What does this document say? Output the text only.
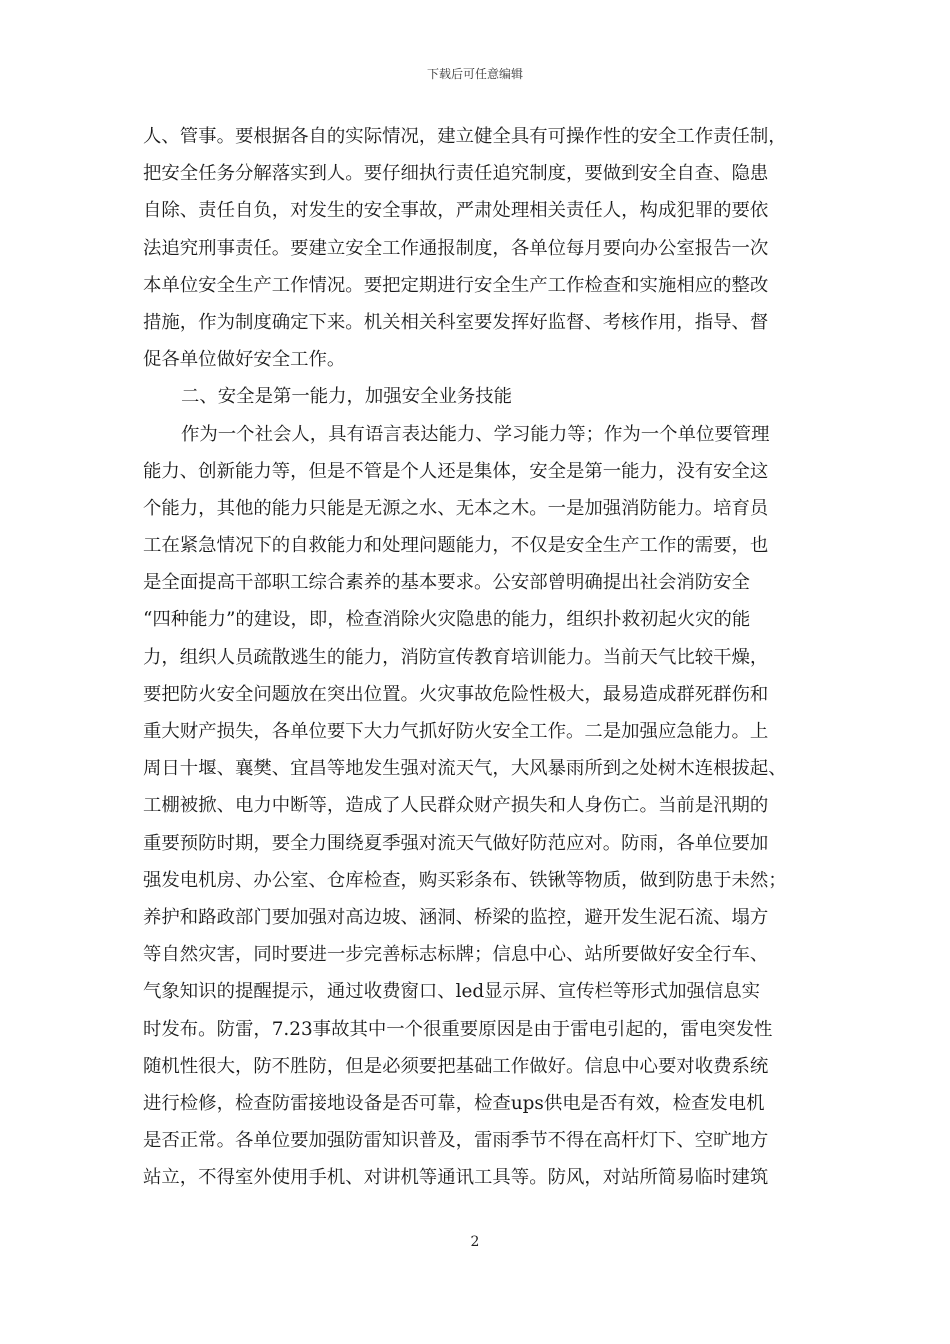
下载后可任意编辑
人、管事。要根据各自的实际情况，建立健全具有可操作性的安全工作责任制，
把安全任务分解落实到人。要仔细执行责任追究制度，要做到安全自查、隐患
自除、责任自负，对发生的安全事故，严肃处理相关责任人，构成犯罪的要依
法追究刑事责任。要建立安全工作通报制度，各单位每月要向办公室报告一次
本单位安全生产工作情况。要把定期进行安全生产工作检查和实施相应的整改
措施，作为制度确定下来。机关相关科室要发挥好监督、考核作用，指导、督
促各单位做好安全工作。
二、安全是第一能力，加强安全业务技能
作为一个社会人，具有语言表达能力、学习能力等；作为一个单位要管理
能力、创新能力等，但是不管是个人还是集体，安全是第一能力，没有安全这
个能力，其他的能力只能是无源之水、无本之木。一是加强消防能力。培育员
工在紧急情况下的自救能力和处理问题能力，不仅是安全生产工作的需要，也
是全面提高干部职工综合素养的基本要求。公安部曾明确提出社会消防安全
“四种能力”的建设，即，检查消除火灾隐患的能力，组织扑救初起火灾的能
力，组织人员疏散逃生的能力，消防宣传教育培训能力。当前天气比较干燥，
要把防火安全问题放在突出位置。火灾事故危险性极大，最易造成群死群伤和
重大财产损失，各单位要下大力气抓好防火安全工作。二是加强应急能力。上
周日十堰、襄樊、宜昌等地发生强对流天气，大风暴雨所到之处树木连根拔起、
工棚被掀、电力中断等，造成了人民群众财产损失和人身伤亡。当前是汛期的
重要预防时期，要全力围绕夏季强对流天气做好防范应对。防雨，各单位要加
强发电机房、办公室、仓库检查，购买彩条布、铁锹等物质，做到防患于未然；
养护和路政部门要加强对高边坡、涵洞、桥梁的监控，避开发生泥石流、塌方
等自然灾害，同时要进一步完善标志标牌；信息中心、站所要做好安全行车、
气象知识的提醒提示，通过收费窗口、led显示屏、宣传栏等形式加强信息实
时发布。防雷，7.23事故其中一个很重要原因是由于雷电引起的，雷电突发性
随机性很大，防不胜防，但是必须要把基础工作做好。信息中心要对收费系统
进行检修，检查防雷接地设备是否可靠，检查ups供电是否有效，检查发电机
是否正常。各单位要加强防雷知识普及，雷雨季节不得在高杆灯下、空旷地方
站立，不得室外使用手机、对讲机等通讯工具等。防风，对站所简易临时建筑
2
